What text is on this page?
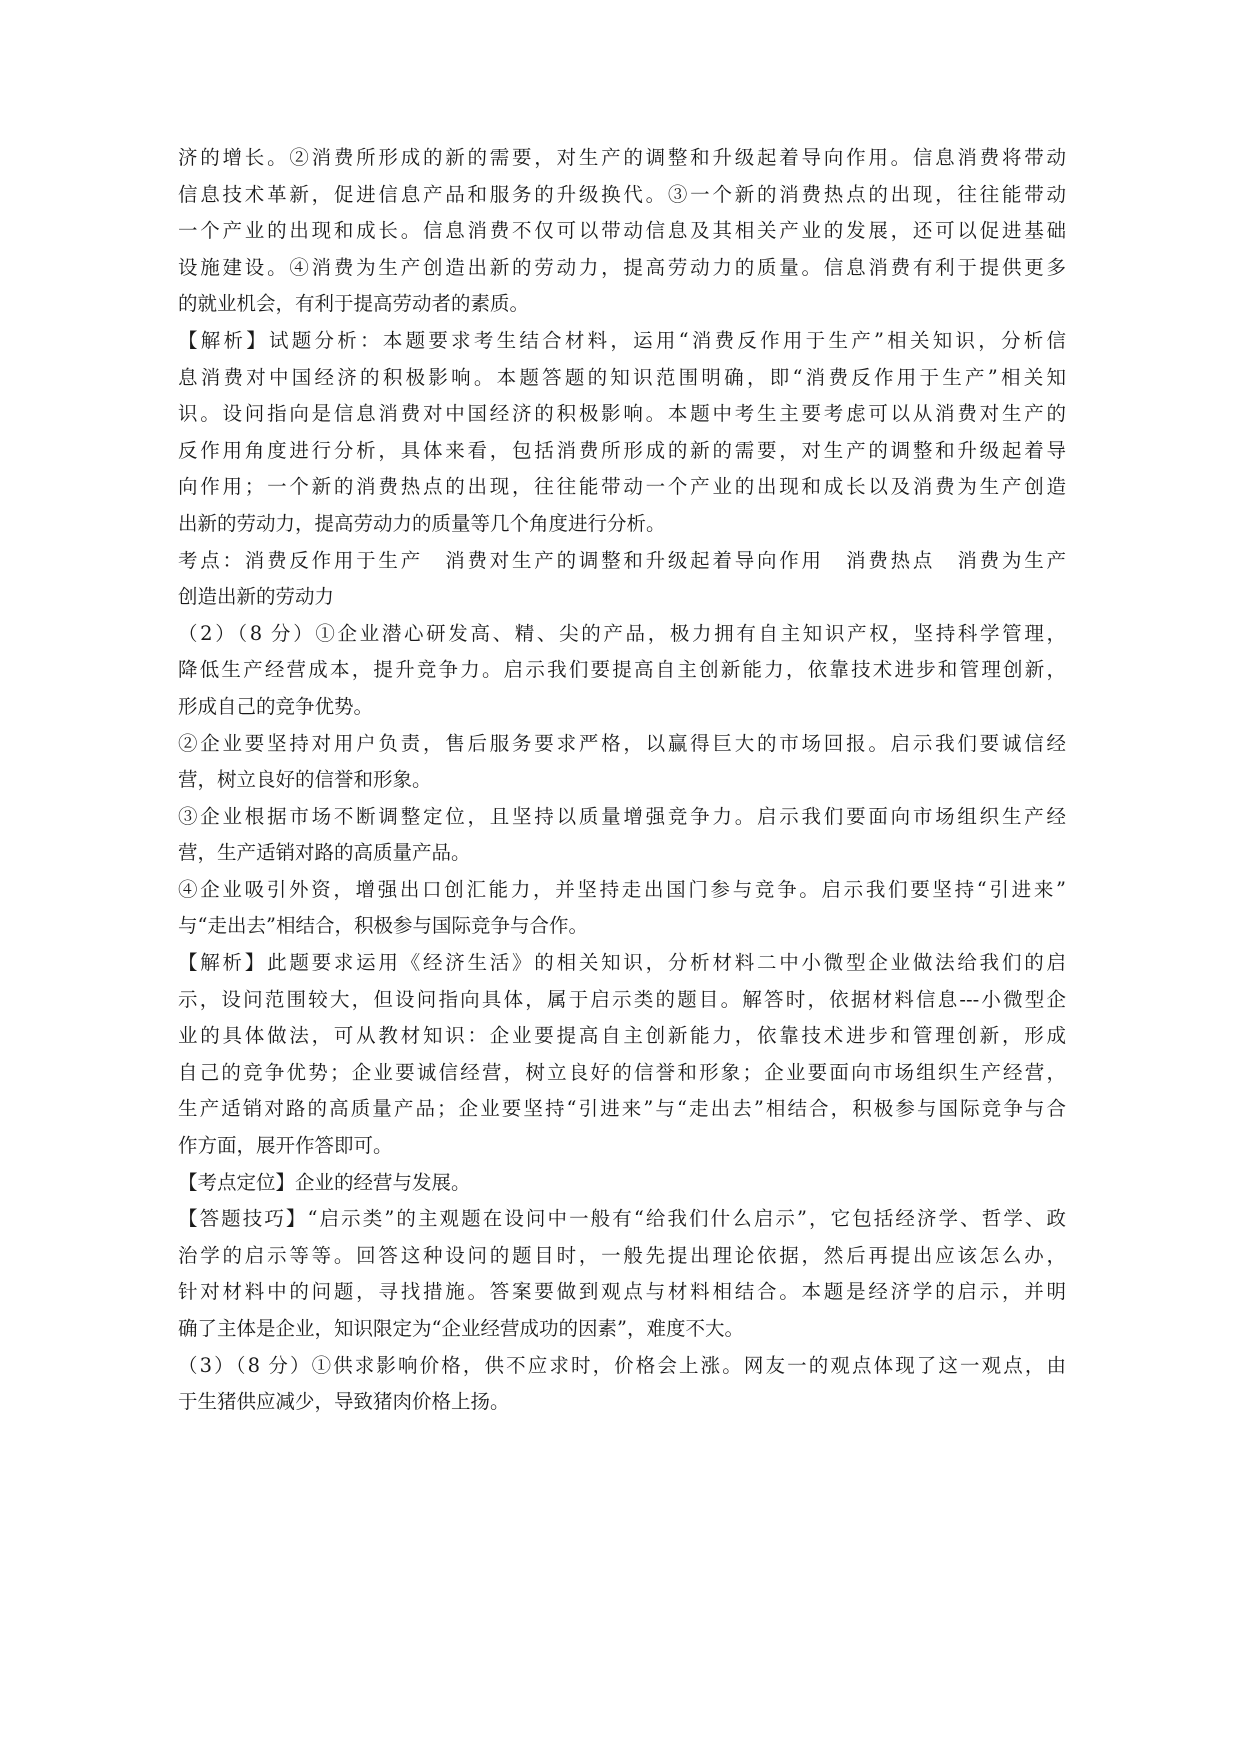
济的增长。②消费所形成的新的需要，对生产的调整和升级起着导向作用。信息消费将带动
信息技术革新，促进信息产品和服务的升级换代。③一个新的消费热点的出现，往往能带动
一个产业的出现和成长。信息消费不仅可以带动信息及其相关产业的发展，还可以促进基础
设施建设。④消费为生产创造出新的劳动力，提高劳动力的质量。信息消费有利于提供更多
的就业机会，有利于提高劳动者的素质。
【解析】试题分析：本题要求考生结合材料，运用“消费反作用于生产”相关知识，分析信
息消费对中国经济的积极影响。本题答题的知识范围明确，即“消费反作用于生产”相关知
识。设问指向是信息消费对中国经济的积极影响。本题中考生主要考虑可以从消费对生产的
反作用角度进行分析，具体来看，包括消费所形成的新的需要，对生产的调整和升级起着导
向作用；一个新的消费热点的出现，往往能带动一个产业的出现和成长以及消费为生产创造
出新的劳动力，提高劳动力的质量等几个角度进行分析。
考点：消费反作用于生产　消费对生产的调整和升级起着导向作用　消费热点　消费为生产
创造出新的劳动力
（2）（8 分）①企业潜心研发高、精、尖的产品，极力拥有自主知识产权，坚持科学管理，
降低生产经营成本，提升竞争力。启示我们要提高自主创新能力，依靠技术进步和管理创新，
形成自己的竞争优势。
②企业要坚持对用户负责，售后服务要求严格，以赢得巨大的市场回报。启示我们要诚信经
营，树立良好的信誉和形象。
③企业根据市场不断调整定位，且坚持以质量增强竞争力。启示我们要面向市场组织生产经
营，生产适销对路的高质量产品。
④企业吸引外资，增强出口创汇能力，并坚持走出国门参与竞争。启示我们要坚持“引进来”
与“走出去”相结合，积极参与国际竞争与合作。
【解析】此题要求运用《经济生活》的相关知识，分析材料二中小微型企业做法给我们的启
示，设问范围较大，但设问指向具体，属于启示类的题目。解答时，依据材料信息---小微型企
业的具体做法，可从教材知识：企业要提高自主创新能力，依靠技术进步和管理创新，形成
自己的竞争优势；企业要诚信经营，树立良好的信誉和形象；企业要面向市场组织生产经营，
生产适销对路的高质量产品；企业要坚持“引进来”与“走出去”相结合，积极参与国际竞争与合
作方面，展开作答即可。
【考点定位】企业的经营与发展。
【答题技巧】“启示类”的主观题在设问中一般有“给我们什么启示”，它包括经济学、哲学、政
治学的启示等等。回答这种设问的题目时，一般先提出理论依据，然后再提出应该怎么办，
针对材料中的问题，寻找措施。答案要做到观点与材料相结合。本题是经济学的启示，并明
确了主体是企业，知识限定为“企业经营成功的因素”，难度不大。
（3）（8 分）①供求影响价格，供不应求时，价格会上涨。网友一的观点体现了这一观点，由
于生猪供应减少，导致猪肉价格上扬。
